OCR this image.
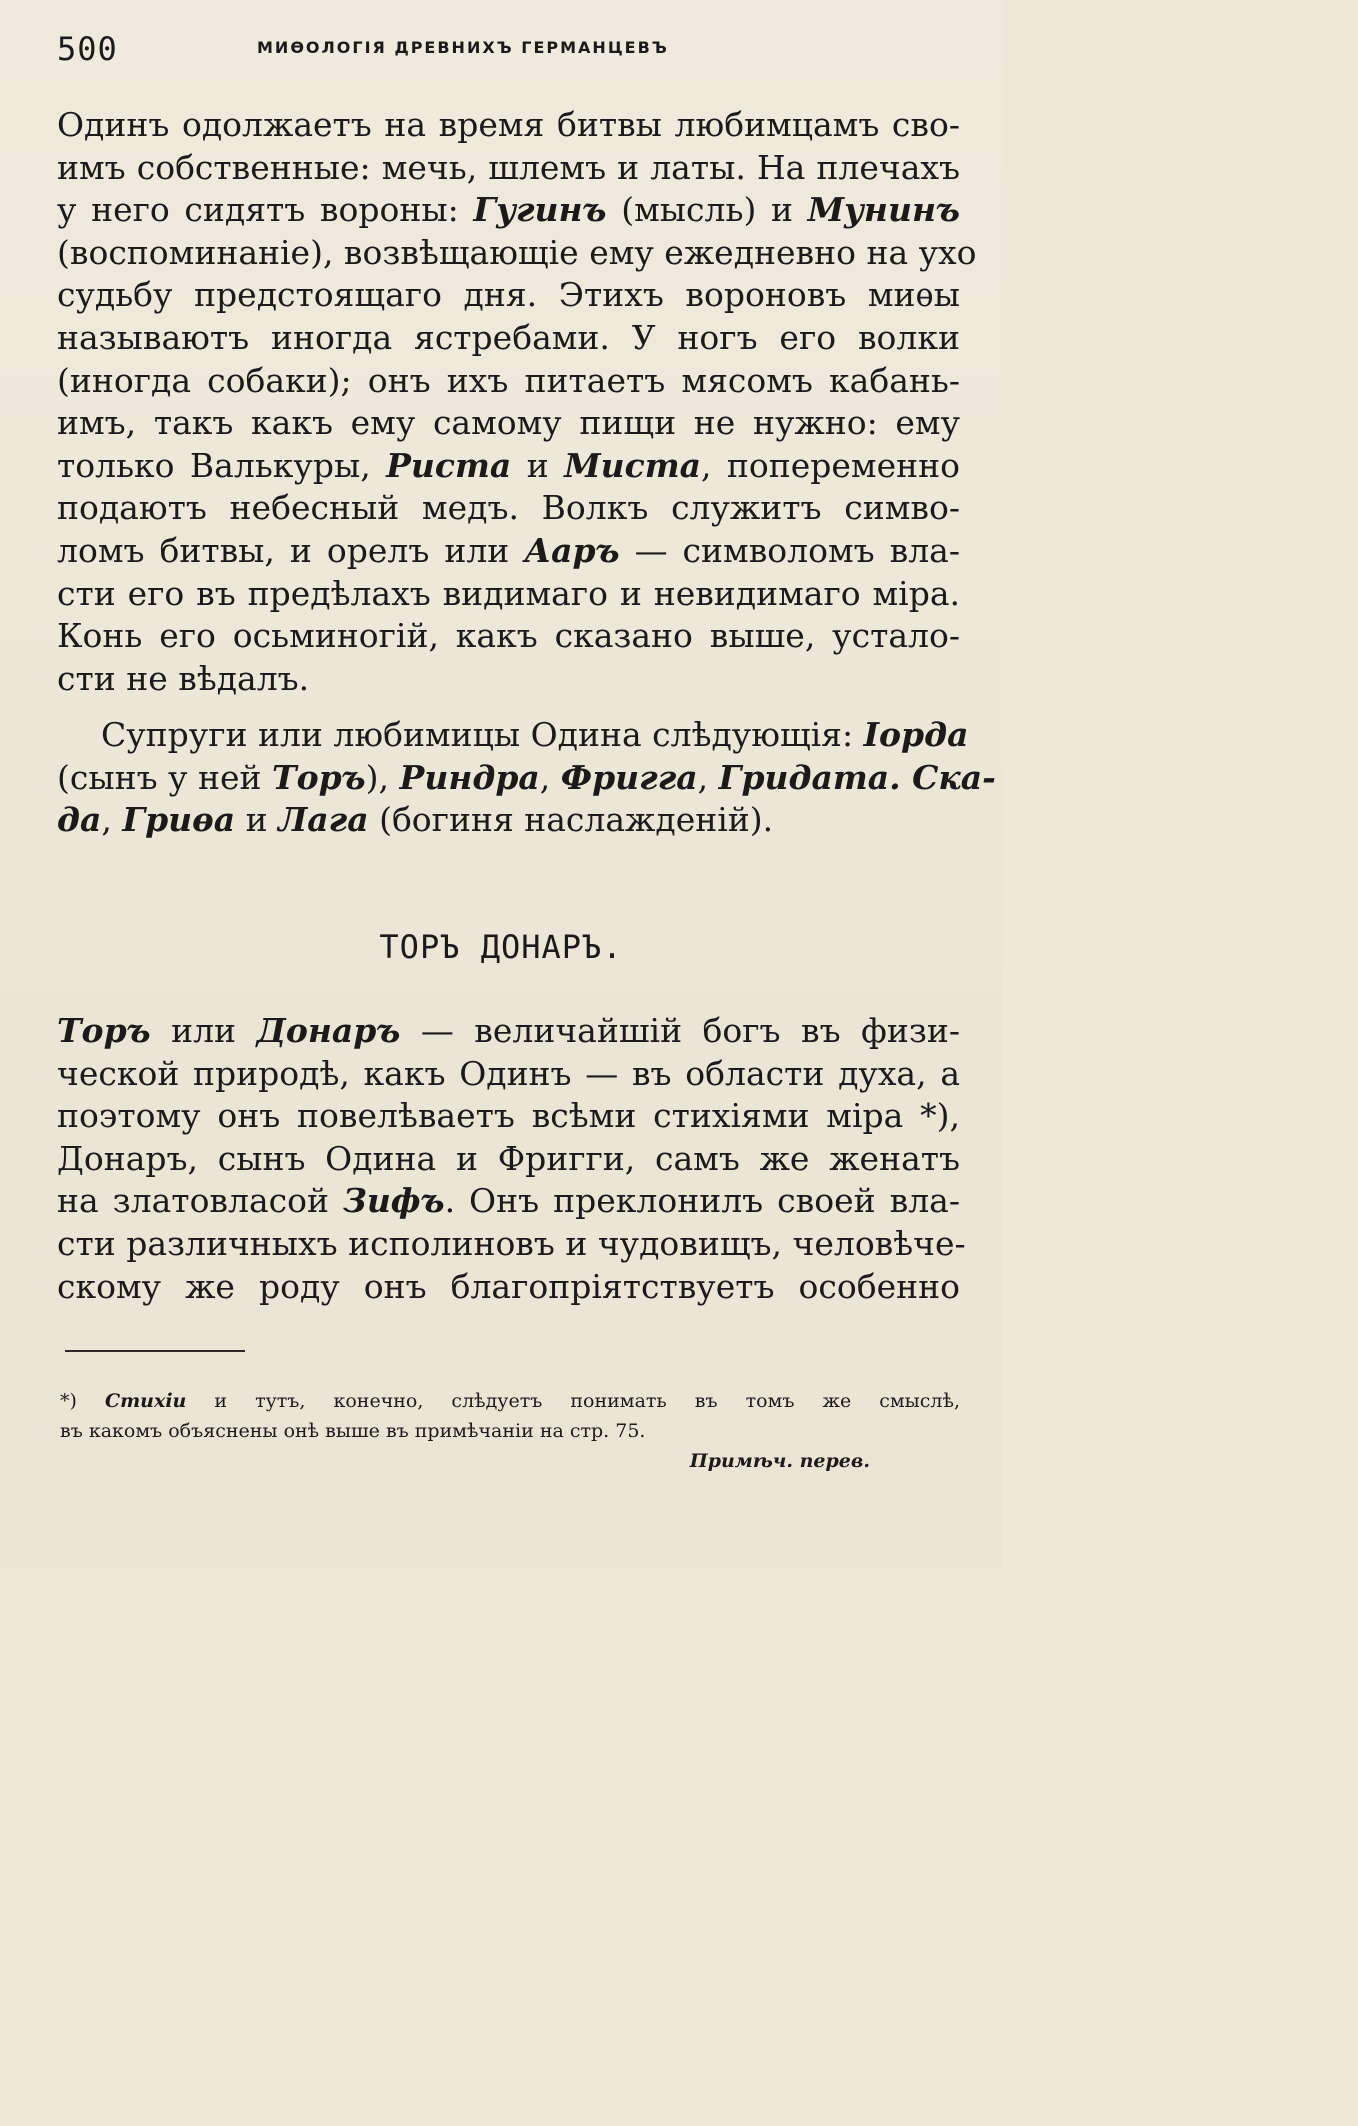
500	МИѲОЛОГІЯ ДРЕВНИХЪ ГЕРМАНЦЕВЪ
Одинъ одолжаетъ на время битвы любимцамъ сво-
имъ собственные: мечь, шлемъ и латы. На плечахъ
у него сидятъ вороны: Гугинъ (мысль) и Мунинъ
(воспоминаніе), возвѣщающіе ему ежедневно на ухо
судьбу предстоящаго дня. Этихъ вороновъ миѳы
называютъ иногда ястребами. У ногъ его волки
(иногда собаки); онъ ихъ питаетъ мясомъ кабань-
имъ, такъ какъ ему самому пищи не нужно: ему
только Валькуры, Риста и Миста, попеременно
подаютъ небесный медъ. Волкъ служитъ симво-
ломъ битвы, и орелъ или Ааръ — символомъ вла-
сти его въ предѣлахъ видимаго и невидимаго міра.
Конь его осьминогій, какъ сказано выше, устало-
сти не вѣдалъ.
Супруги или любимицы Одина слѣдующія: Іорда
(сынъ у ней Торъ), Риндра, Фригга, Гридата. Ска-
да, Гриѳа и Лага (богиня наслажденій).
ТОРЪ ДОНАРЪ.
Торъ или Донаръ — величайшій богъ въ физи-
ческой природѣ, какъ Одинъ — въ области духа, а
поэтому онъ повелѣваетъ всѣми стихіями міра *),
Донаръ, сынъ Одина и Фригги, самъ же женатъ
на златовласой Зифъ. Онъ преклонилъ своей вла-
сти различныхъ исполиновъ и чудовищъ, человѣче-
скому же роду онъ благопріятствуетъ особенно
*) Стихіи и тутъ, конечно, слѣдуетъ понимать въ томъ же смыслѣ,
въ какомъ объяснены онѣ выше въ примѣчаніи на стр. 75.
Примѣч. перев.
